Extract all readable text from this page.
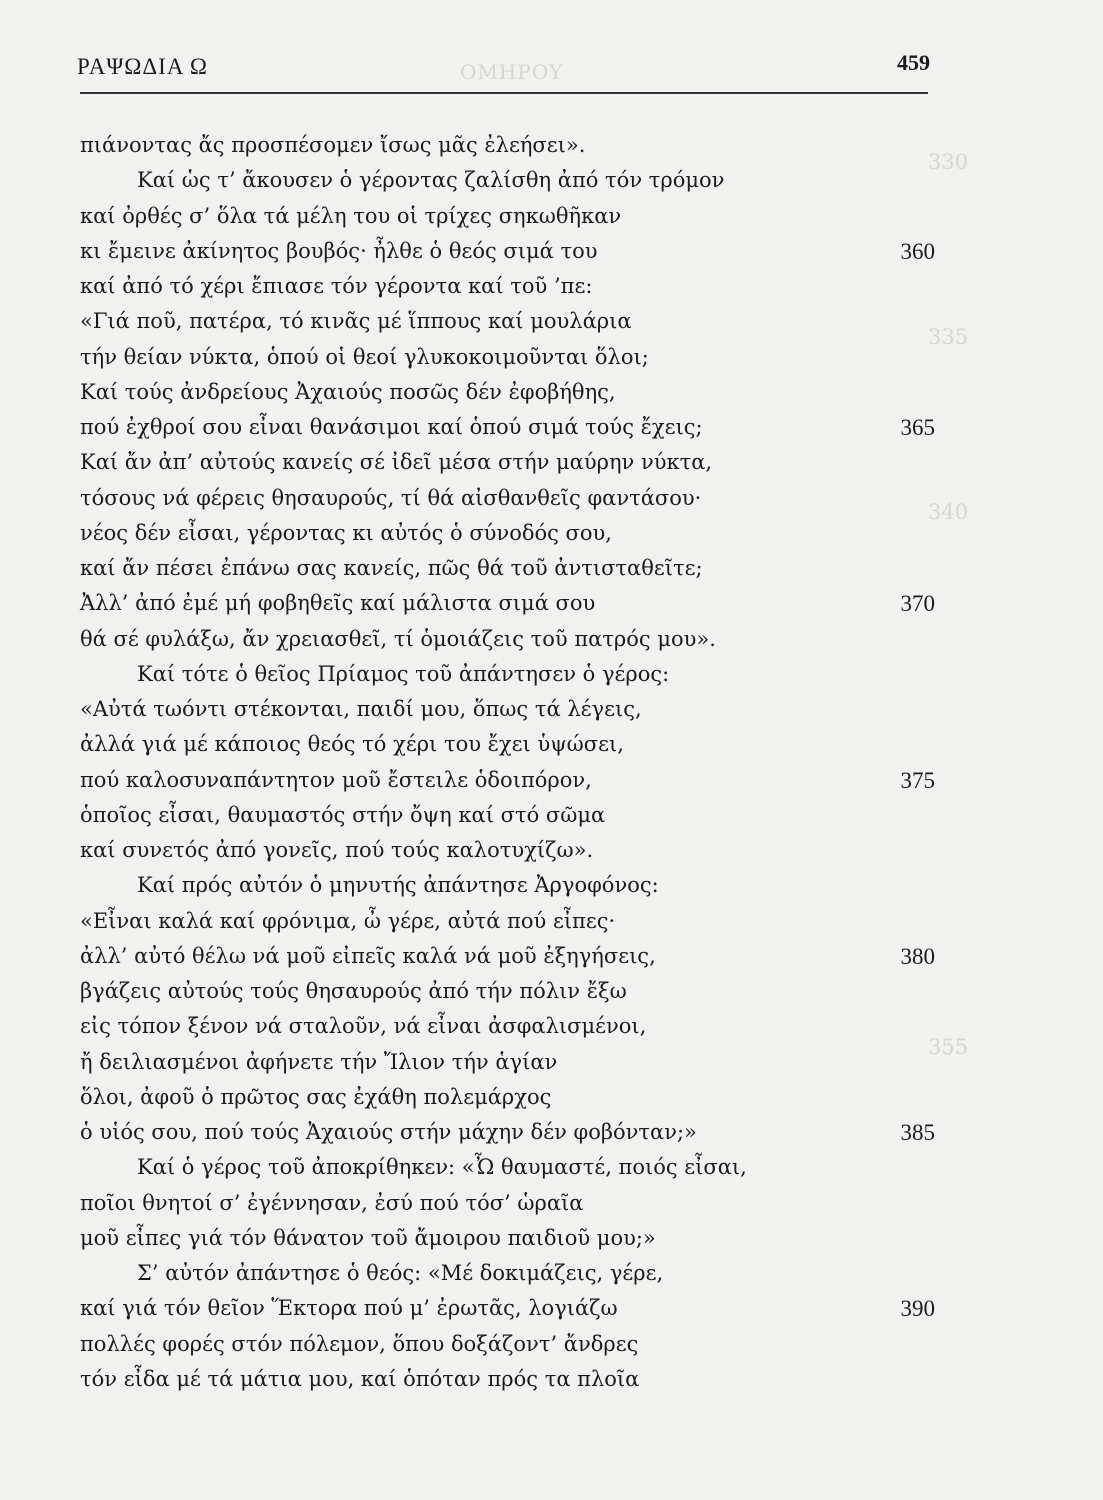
ΟΜΗΡΟΥ
330
335
340
355
ΡΑΨΩΔΙΑ Ω	459
πιάνοντας ἄς προσπέσομεν ἴσως μᾶς ἐλεήσει».
Καί ὡς τ’ ἄκουσεν ὁ γέροντας ζαλίσθη ἀπό τόν τρόμον
καί ὀρθές σ’ ὅλα τά μέλη του οἱ τρίχες σηκωθῆκαν
κι ἔμεινε ἀκίνητος βουβός· ἦλθε ὁ θεός σιμά του	360
καί ἀπό τό χέρι ἔπιασε τόν γέροντα καί τοῦ ’πε:
«Γιά ποῦ, πατέρα, τό κινᾶς μέ ἵππους καί μουλάρια
τήν θείαν νύκτα, ὁπού οἱ θεοί γλυκοκοιμοῦνται ὅλοι;
Καί τούς ἀνδρείους Ἀχαιούς ποσῶς δέν ἐφοβήθης,
πού ἐχθροί σου εἶναι θανάσιμοι καί ὁπού σιμά τούς ἔχεις;	365
Καί ἄν ἀπ’ αὐτούς κανείς σέ ἰδεῖ μέσα στήν μαύρην νύκτα,
τόσους νά φέρεις θησαυρούς, τί θά αἰσθανθεῖς φαντάσου·
νέος δέν εἶσαι, γέροντας κι αὐτός ὁ σύνοδός σου,
καί ἄν πέσει ἐπάνω σας κανείς, πῶς θά τοῦ ἀντισταθεῖτε;
Ἀλλ’ ἀπό ἐμέ μή φοβηθεῖς καί μάλιστα σιμά σου	370
θά σέ φυλάξω, ἄν χρειασθεῖ, τί ὁμοιάζεις τοῦ πατρός μου».
Καί τότε ὁ θεῖος Πρίαμος τοῦ ἀπάντησεν ὁ γέρος:
«Αὐτά τωόντι στέκονται, παιδί μου, ὅπως τά λέγεις,
ἀλλά γιά μέ κάποιος θεός τό χέρι του ἔχει ὑψώσει,
πού καλοσυναπάντητον μοῦ ἔστειλε ὁδοιπόρον,	375
ὁποῖος εἶσαι, θαυμαστός στήν ὄψη καί στό σῶμα
καί συνετός ἀπό γονεῖς, πού τούς καλοτυχίζω».
Καί πρός αὐτόν ὁ μηνυτής ἀπάντησε Ἀργοφόνος:
«Εἶναι καλά καί φρόνιμα, ὦ γέρε, αὐτά πού εἶπες·
ἀλλ’ αὐτό θέλω νά μοῦ εἰπεῖς καλά νά μοῦ ἐξηγήσεις,	380
βγάζεις αὐτούς τούς θησαυρούς ἀπό τήν πόλιν ἔξω
εἰς τόπον ξένον νά σταλοῦν, νά εἶναι ἀσφαλισμένοι,
ἤ δειλιασμένοι ἀφήνετε τήν Ἴλιον τήν ἁγίαν
ὅλοι, ἀφοῦ ὁ πρῶτος σας ἐχάθη πολεμάρχος
ὁ υἱός σου, πού τούς Ἀχαιούς στήν μάχην δέν φοβόνταν;»	385
Καί ὁ γέρος τοῦ ἀποκρίθηκεν: «Ὦ θαυμαστέ, ποιός εἶσαι,
ποῖοι θνητοί σ’ ἐγέννησαν, ἐσύ πού τόσ’ ὡραῖα
μοῦ εἶπες γιά τόν θάνατον τοῦ ἄμοιρου παιδιοῦ μου;»
Σ’ αὐτόν ἀπάντησε ὁ θεός: «Μέ δοκιμάζεις, γέρε,
καί γιά τόν θεῖον Ἕκτορα πού μ’ ἐρωτᾶς, λογιάζω	390
πολλές φορές στόν πόλεμον, ὅπου δοξάζοντ’ ἄνδρες
τόν εἶδα μέ τά μάτια μου, καί ὁπόταν πρός τα πλοῖα
